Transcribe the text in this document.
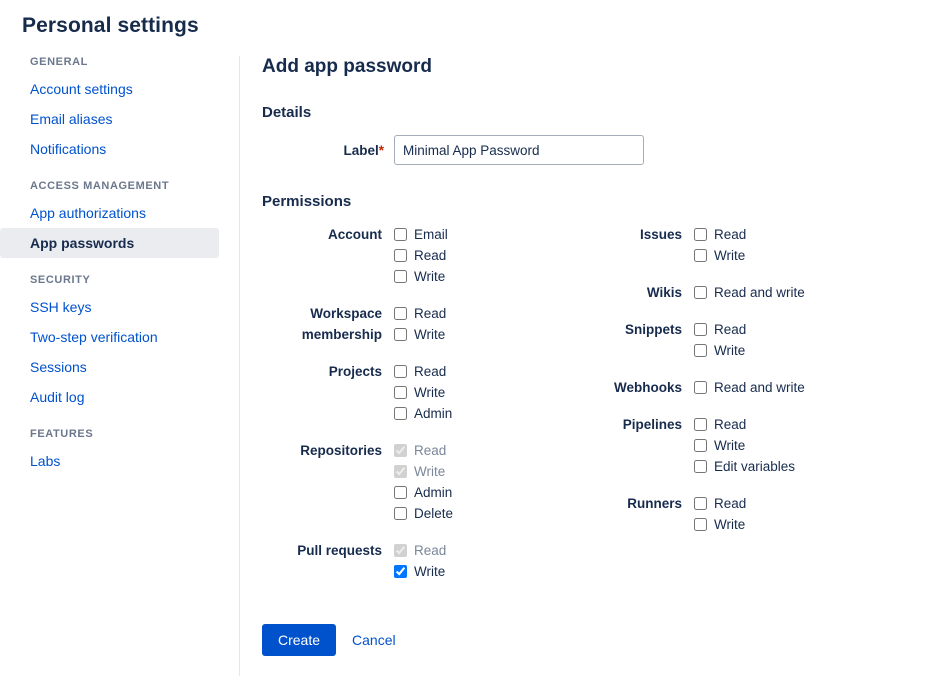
Personal settings
GENERAL
Account settings
Email aliases
Notifications
ACCESS MANAGEMENT
App authorizations
App passwords
SECURITY
SSH keys
Two-step verification
Sessions
Audit log
FEATURES
Labs
Add app password
Details
Label*
Minimal App Password
Permissions
Account	Email
Read
Write
Workspace
membership
Read
Write
Projects	Read
Write
Admin
Repositories	Read
Write
Admin
Delete
Pull requests	Read
Write
Issues	Read
Write
Wikis	Read and write
Snippets	Read
Write
Webhooks	Read and write
Pipelines	Read
Write
Edit variables
Runners	Read
Write
Create	Cancel
